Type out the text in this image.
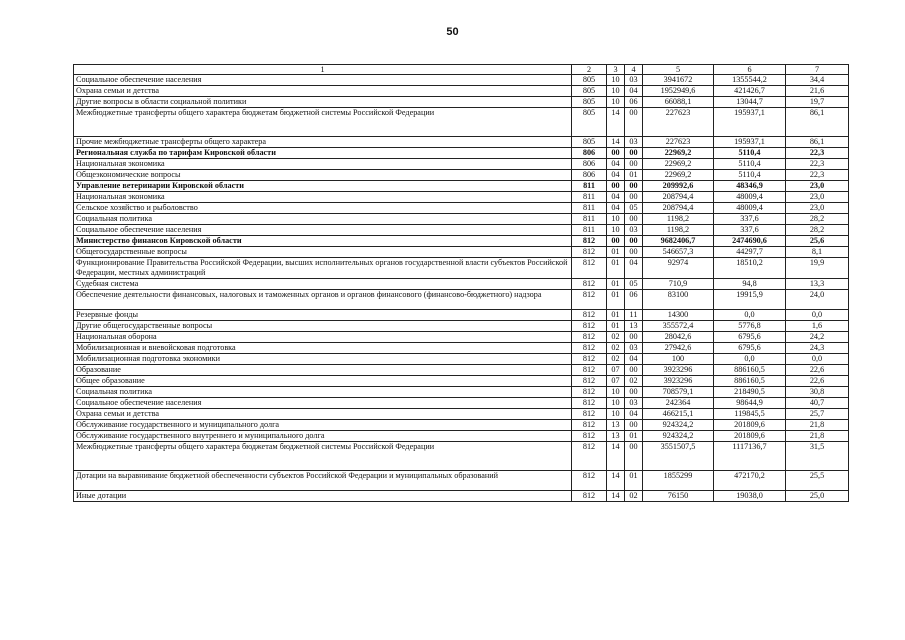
50
1	2	3	4	5	6	7
Социальное обеспечение населения	805	10	03	3941672	1355544,2	34,4
Охрана семьи и детства	805	10	04	1952949,6	421426,7	21,6
Другие вопросы в области социальной политики	805	10	06	66088,1	13044,7	19,7
Межбюджетные трансферты общего характера бюджетам бюджетной системы Российской Федерации	805	14	00	227623	195937,1	86,1
Прочие межбюджетные трансферты общего характера	805	14	03	227623	195937,1	86,1
Региональная служба по тарифам Кировской области	806	00	00	22969,2	5110,4	22,3
Национальная экономика	806	04	00	22969,2	5110,4	22,3
Общеэкономические вопросы	806	04	01	22969,2	5110,4	22,3
Управление ветеринарии Кировской области	811	00	00	209992,6	48346,9	23,0
Национальная экономика	811	04	00	208794,4	48009,4	23,0
Сельское хозяйство и рыболовство	811	04	05	208794,4	48009,4	23,0
Социальная политика	811	10	00	1198,2	337,6	28,2
Социальное обеспечение населения	811	10	03	1198,2	337,6	28,2
Министерство финансов Кировской области	812	00	00	9682406,7	2474690,6	25,6
Общегосударственные вопросы	812	01	00	546657,3	44297,7	8,1
Функционирование Правительства Российской Федерации, высших исполнительных органов государственной власти субъектов Российской Федерации, местных администраций	812	01	04	92974	18510,2	19,9
Судебная система	812	01	05	710,9	94,8	13,3
Обеспечение деятельности финансовых, налоговых и таможенных органов и органов финансового (финансово-бюджетного) надзора	812	01	06	83100	19915,9	24,0
Резервные фонды	812	01	11	14300	0,0	0,0
Другие общегосударственные вопросы	812	01	13	355572,4	5776,8	1,6
Национальная оборона	812	02	00	28042,6	6795,6	24,2
Мобилизационная и вневойсковая подготовка	812	02	03	27942,6	6795,6	24,3
Мобилизационная подготовка экономики	812	02	04	100	0,0	0,0
Образование	812	07	00	3923296	886160,5	22,6
Общее образование	812	07	02	3923296	886160,5	22,6
Социальная политика	812	10	00	708579,1	218490,5	30,8
Социальное обеспечение населения	812	10	03	242364	98644,9	40,7
Охрана семьи и детства	812	10	04	466215,1	119845,5	25,7
Обслуживание государственного и муниципального долга	812	13	00	924324,2	201809,6	21,8
Обслуживание государственного внутреннего и муниципального долга	812	13	01	924324,2	201809,6	21,8
Межбюджетные трансферты общего характера бюджетам бюджетной системы Российской Федерации	812	14	00	3551507,5	1117136,7	31,5
Дотации на выравнивание бюджетной обеспеченности субъектов Российской Федерации и муниципальных образований	812	14	01	1855299	472170,2	25,5
Иные дотации	812	14	02	76150	19038,0	25,0
